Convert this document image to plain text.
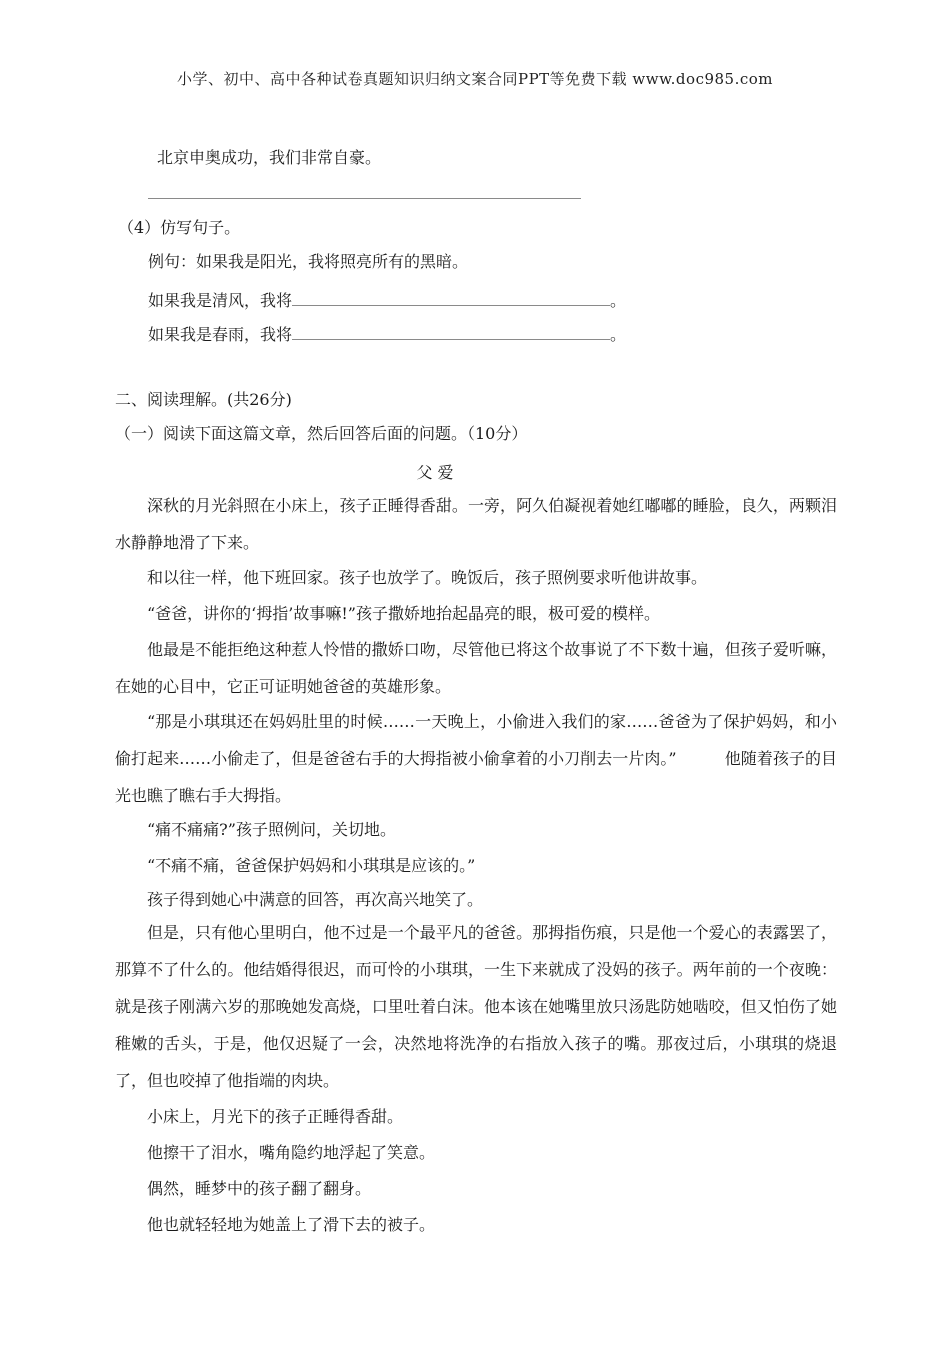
小学、初中、高中各种试卷真题知识归纳文案合同PPT等免费下载 www.doc985.com
北京申奥成功，我们非常自豪。
（4）仿写句子。
例句：如果我是阳光，我将照亮所有的黑暗。
如果我是清风，我将	。
如果我是春雨，我将	。
二、阅读理解。(共26分)
（一）阅读下面这篇文章，然后回答后面的问题。（10分）
父 爱

深秋的月光斜照在小床上，孩子正睡得香甜。一旁，阿久伯凝视着她红嘟嘟的睡脸，良久，两颗泪水静静地滑了下来。

和以往一样，他下班回家。孩子也放学了。晚饭后，孩子照例要求听他讲故事。

“爸爸，讲你的‘拇指’故事嘛!”孩子撒娇地抬起晶亮的眼，极可爱的模样。

他最是不能拒绝这种惹人怜惜的撒娇口吻，尽管他已将这个故事说了不下数十遍，但孩子爱听嘛，在她的心目中，它正可证明她爸爸的英雄形象。

“那是小琪琪还在妈妈肚里的时候……一天晚上，小偷进入我们的家……爸爸为了保护妈妈，和小偷打起来……小偷走了，但是爸爸右手的大拇指被小偷拿着的小刀削去一片肉。”　　　他随着孩子的目光也瞧了瞧右手大拇指。

“痛不痛痛?”孩子照例问，关切地。

“不痛不痛，爸爸保护妈妈和小琪琪是应该的。”

孩子得到她心中满意的回答，再次高兴地笑了。

但是，只有他心里明白，他不过是一个最平凡的爸爸。那拇指伤痕，只是他一个爱心的表露罢了，那算不了什么的。他结婚得很迟，而可怜的小琪琪，一生下来就成了没妈的孩子。两年前的一个夜晚：就是孩子刚满六岁的那晚她发高烧，口里吐着白沫。他本该在她嘴里放只汤匙防她啮咬，但又怕伤了她稚嫩的舌头，于是，他仅迟疑了一会，决然地将洗净的右指放入孩子的嘴。那夜过后，小琪琪的烧退了，但也咬掉了他指端的肉块。

小床上，月光下的孩子正睡得香甜。

他擦干了泪水，嘴角隐约地浮起了笑意。

偶然，睡梦中的孩子翻了翻身。

他也就轻轻地为她盖上了滑下去的被子。
